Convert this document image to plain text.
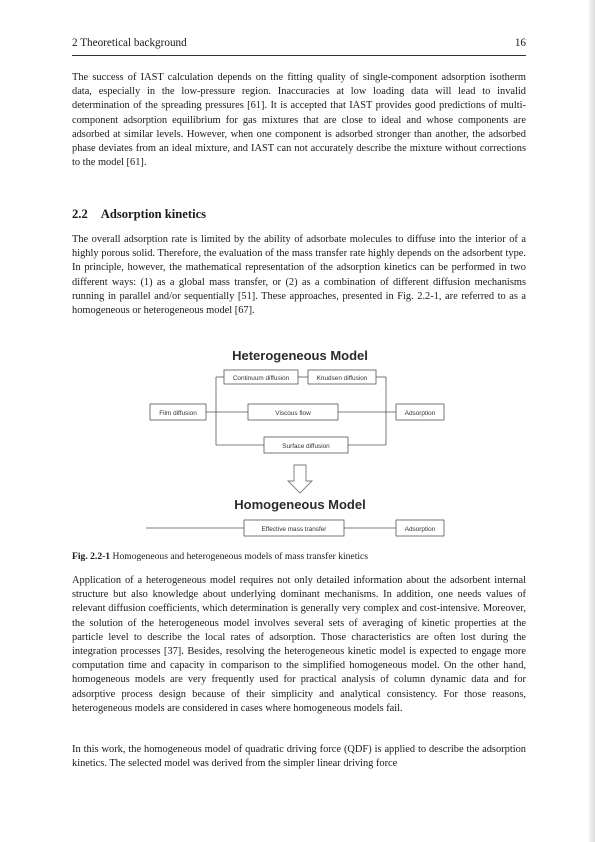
2 Theoretical background	16
The success of IAST calculation depends on the fitting quality of single-component adsorption isotherm data, especially in the low-pressure region. Inaccuracies at low loading data will lead to invalid determination of the spreading pressures [61]. It is accepted that IAST provides good predictions of multi-component adsorption equilibrium for gas mixtures that are close to ideal and whose components are adsorbed at similar levels. However, when one component is adsorbed stronger than another, the adsorbed phase deviates from an ideal mixture, and IAST can not accurately describe the mixture without corrections to the model [61].
2.2 Adsorption kinetics
The overall adsorption rate is limited by the ability of adsorbate molecules to diffuse into the interior of a highly porous solid. Therefore, the evaluation of the mass transfer rate highly depends on the adsorbent type. In principle, however, the mathematical representation of the adsorption kinetics can be performed in two different ways: (1) as a global mass transfer, or (2) as a combination of different diffusion mechanisms running in parallel and/or sequentially [51]. These approaches, presented in Fig. 2.2-1, are referred to as a homogeneous or heterogeneous model [67].
Heterogeneous Model
Continuum diffusion	Knudsen diffusion
Film diffusion	Viscous flow	Adsorption
Surface diffusion
Homogeneous Model
Effective mass transfer	Adsorption
Fig. 2.2-1 Homogeneous and heterogeneous models of mass transfer kinetics
Application of a heterogeneous model requires not only detailed information about the adsorbent internal structure but also knowledge about underlying dominant mechanisms. In addition, one needs values of relevant diffusion coefficients, which determination is generally very complex and cost-intensive. Moreover, the solution of the heterogeneous model involves several sets of averaging of kinetic properties at the particle level to describe the local rates of adsorption. Those characteristics are often lost during the integration processes [37]. Besides, resolving the heterogeneous kinetic model is expected to engage more computation time and capacity in comparison to the simplified homogeneous model. On the other hand, homogeneous models are very frequently used for practical analysis of column dynamic data and for adsorptive process design because of their simplicity and analytical consistency. For those reasons, heterogeneous models are considered in cases where homogeneous models fail.
In this work, the homogeneous model of quadratic driving force (QDF) is applied to describe the adsorption kinetics. The selected model was derived from the simpler linear driving force
